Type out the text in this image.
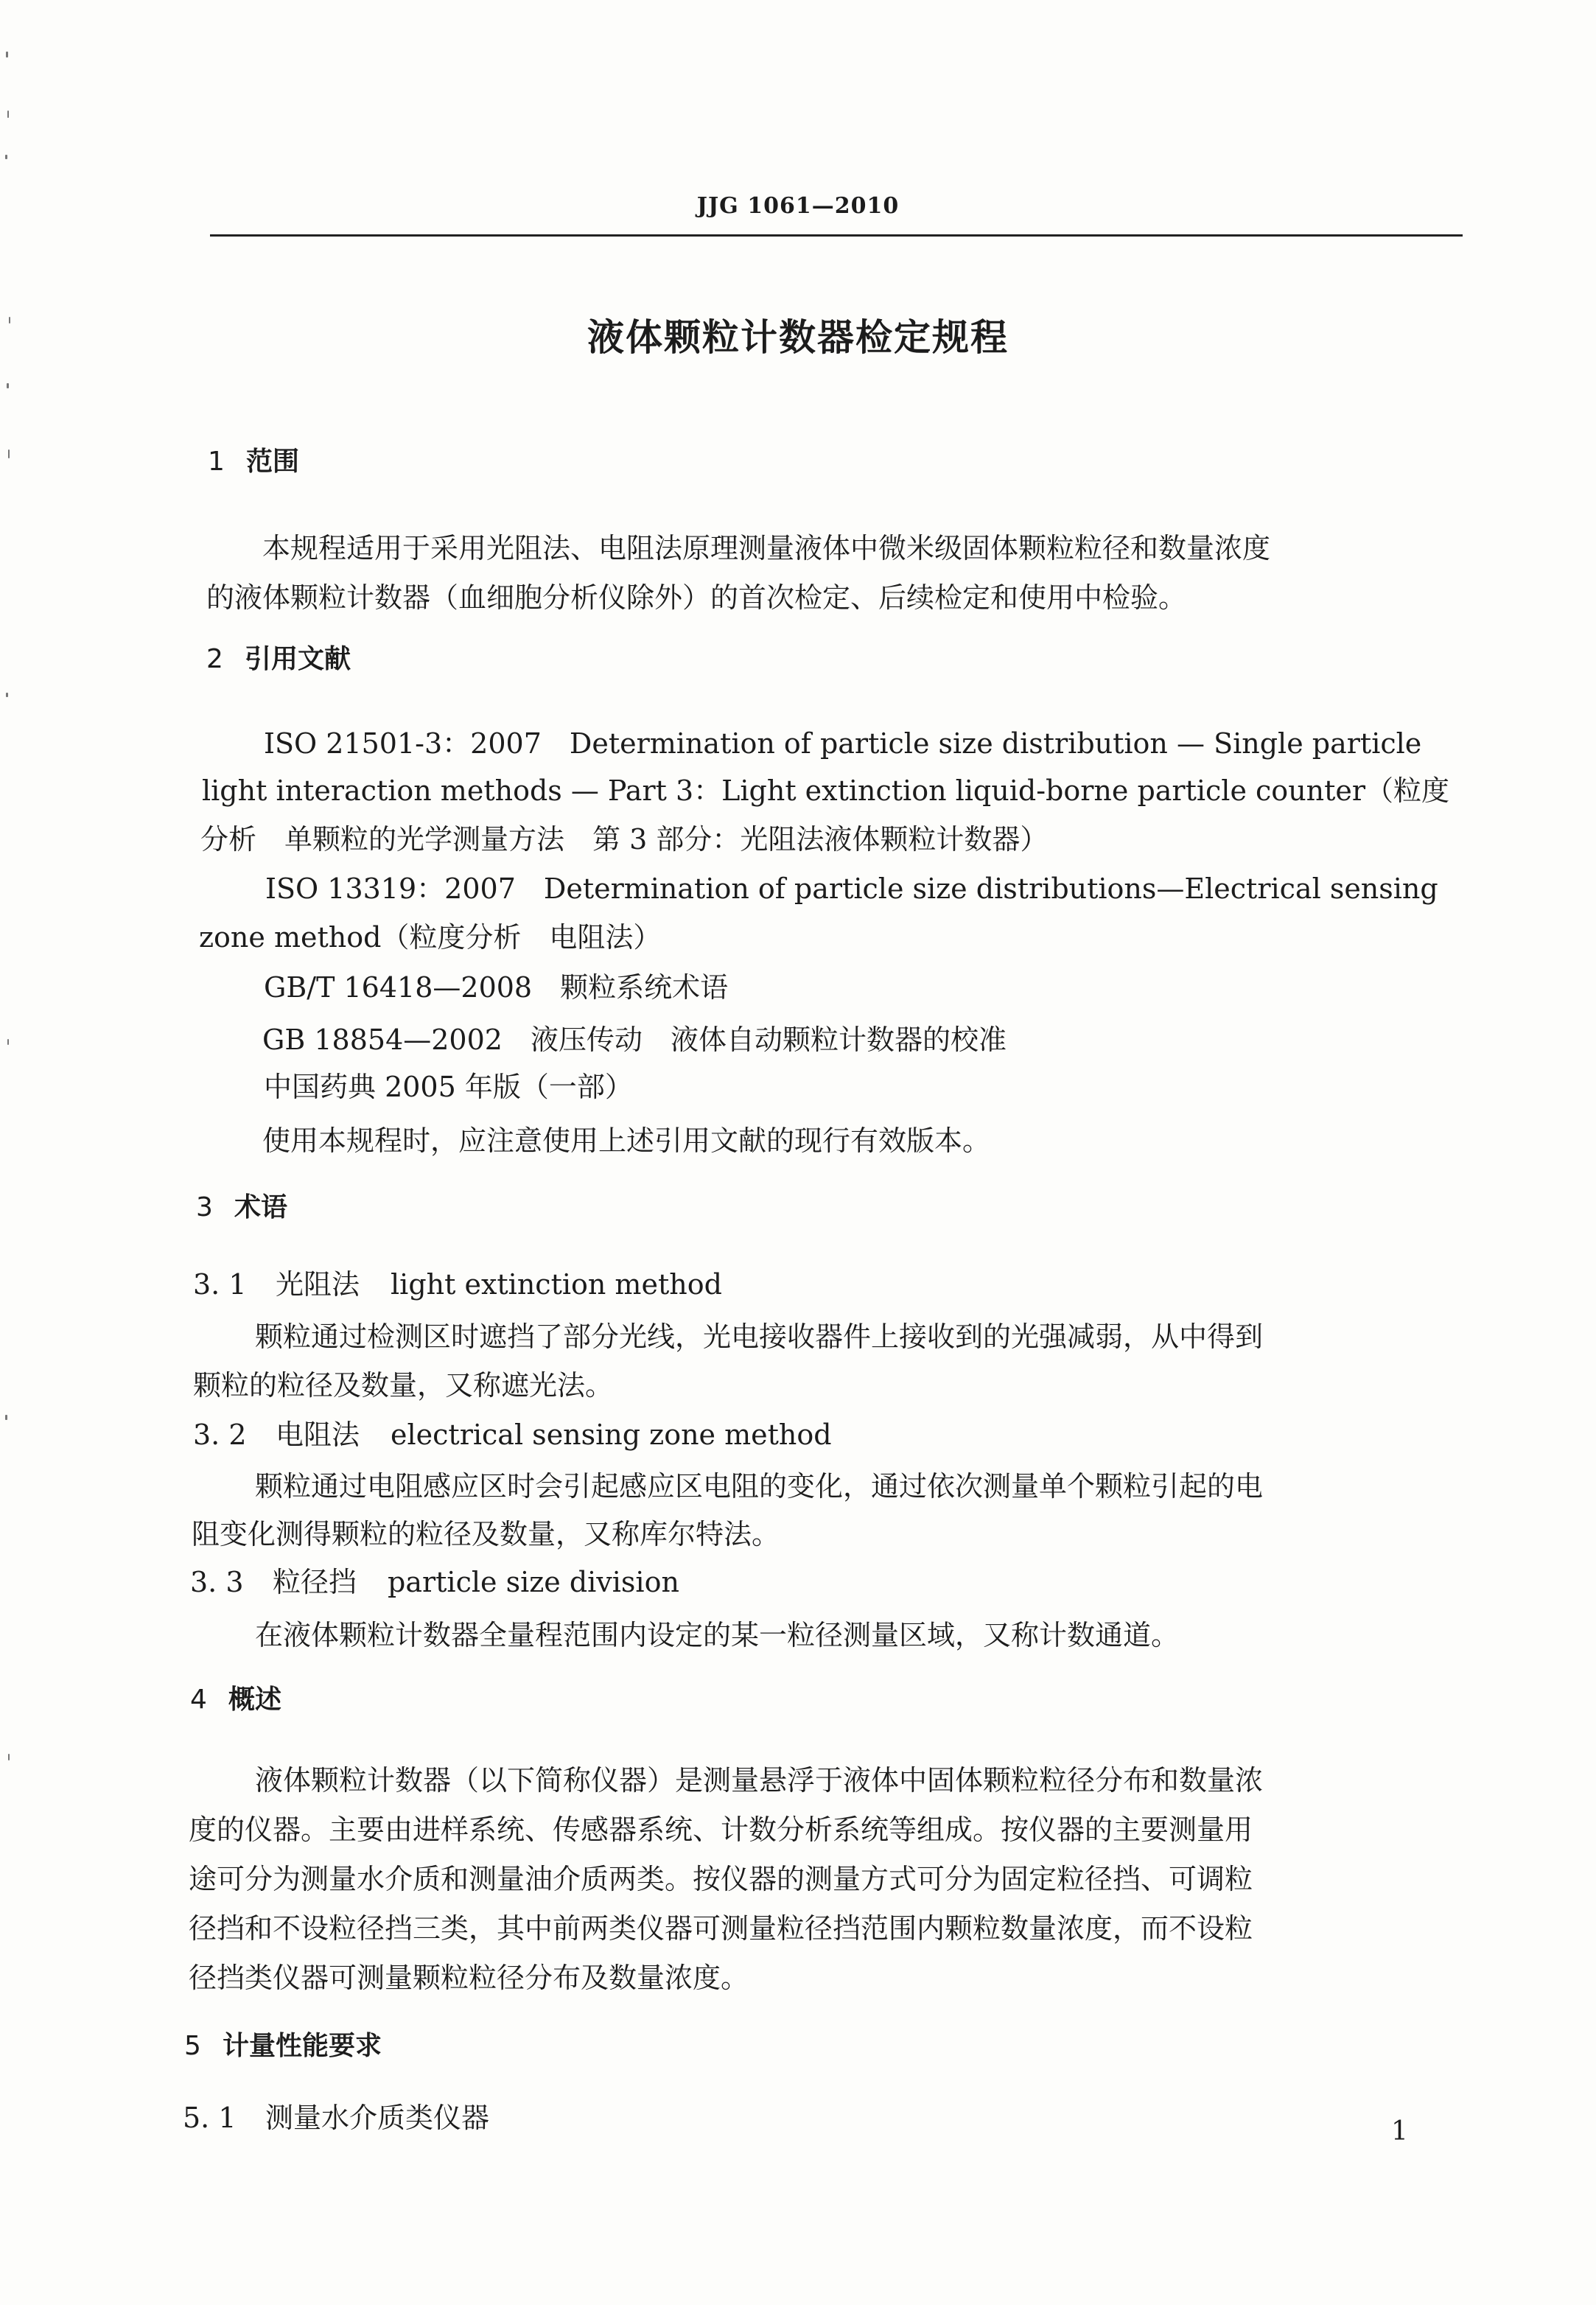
JJG 1061—2010
液体颗粒计数器检定规程
1 范围

本规程适用于采用光阻法、电阻法原理测量液体中微米级固体颗粒粒径和数量浓度

的液体颗粒计数器（血细胞分析仪除外）的首次检定、后续检定和使用中检验。

2 引用文献

ISO 21501-3：2007　Determination of particle size distribution — Single particle

light interaction methods — Part 3：Light extinction liquid-borne particle counter（粒度

分析　单颗粒的光学测量方法　第 3 部分：光阻法液体颗粒计数器）

ISO 13319：2007　Determination of particle size distributions—Electrical sensing

zone method（粒度分析　电阻法）

GB/T 16418—2008　颗粒系统术语

GB 18854—2002　液压传动　液体自动颗粒计数器的校准

中国药典 2005 年版（一部）

使用本规程时，应注意使用上述引用文献的现行有效版本。

3 术语
3. 1 光阻法 light extinction method

颗粒通过检测区时遮挡了部分光线，光电接收器件上接收到的光强减弱，从中得到

颗粒的粒径及数量，又称遮光法。

3. 2 电阻法 electrical sensing zone method

颗粒通过电阻感应区时会引起感应区电阻的变化，通过依次测量单个颗粒引起的电

阻变化测得颗粒的粒径及数量，又称库尔特法。

3. 3 粒径挡 particle size division

在液体颗粒计数器全量程范围内设定的某一粒径测量区域，又称计数通道。

4 概述

液体颗粒计数器（以下简称仪器）是测量悬浮于液体中固体颗粒粒径分布和数量浓

度的仪器。主要由进样系统、传感器系统、计数分析系统等组成。按仪器的主要测量用

途可分为测量水介质和测量油介质两类。按仪器的测量方式可分为固定粒径挡、可调粒

径挡和不设粒径挡三类，其中前两类仪器可测量粒径挡范围内颗粒数量浓度，而不设粒

径挡类仪器可测量颗粒粒径分布及数量浓度。

5 计量性能要求
5. 1 测量水介质类仪器	1
